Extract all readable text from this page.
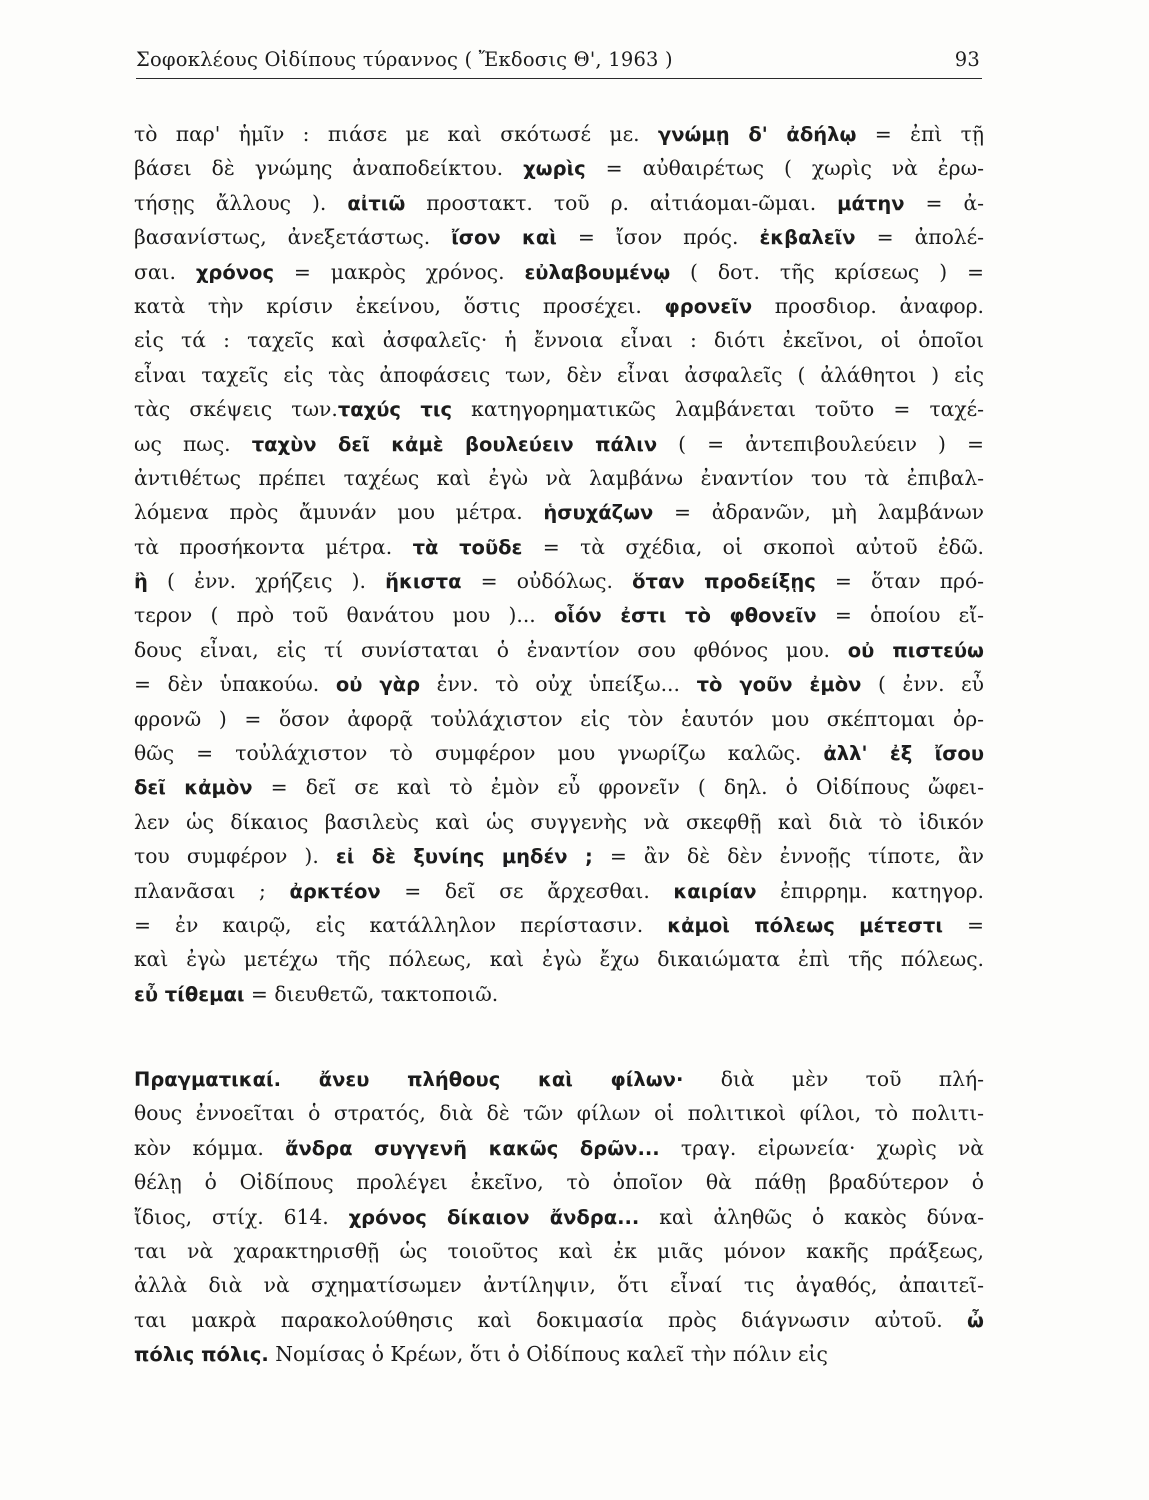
Σοφοκλέους Οἰδίπους τύραννος ( Ἔκδοσις Θ', 1963 )	93
τὸ παρ' ἡμῖν : πιάσε με καὶ σκότωσέ με. γνώμῃ δ' ἀδήλῳ = ἐπὶ τῇ
βάσει δὲ γνώμης ἀναποδείκτου. χωρὶς = αὐθαιρέτως ( χωρὶς νὰ ἐρω-
τήσῃς ἄλλους ). αἰτιῶ προστακτ. τοῦ ρ. αἰτιάομαι-ῶμαι. μάτην = ἀ-
βασανίστως, ἀνεξετάστως. ἴσον καὶ = ἴσον πρός. ἐκβαλεῖν = ἀπολέ-
σαι. χρόνος = μακρὸς χρόνος. εὐλαβουμένῳ ( δοτ. τῆς κρίσεως ) =
κατὰ τὴν κρίσιν ἐκείνου, ὅστις προσέχει. φρονεῖν προσδιορ. ἀναφορ.
εἰς τά : ταχεῖς καὶ ἀσφαλεῖς· ἡ ἔννοια εἶναι : διότι ἐκεῖνοι, οἱ ὁποῖοι
εἶναι ταχεῖς εἰς τὰς ἀποφάσεις των, δὲν εἶναι ἀσφαλεῖς ( ἀλάθητοι ) εἰς
τὰς σκέψεις των.ταχύς τις κατηγορηματικῶς λαμβάνεται τοῦτο = ταχέ-
ως πως. ταχὺν δεῖ κἀμὲ βουλεύειν πάλιν ( = ἀντεπιβουλεύειν ) =
ἀντιθέτως πρέπει ταχέως καὶ ἐγὼ νὰ λαμβάνω ἐναντίον του τὰ ἐπιβαλ-
λόμενα πρὸς ἄμυνάν μου μέτρα. ἡσυχάζων = ἀδρανῶν, μὴ λαμβάνων
τὰ προσήκοντα μέτρα. τὰ τοῦδε = τὰ σχέδια, οἱ σκοποὶ αὐτοῦ ἐδῶ.
ἢ ( ἐνν. χρήζεις ). ἥκιστα = οὐδόλως. ὅταν προδείξῃς = ὅταν πρό-
τερον ( πρὸ τοῦ θανάτου μου )... οἷόν ἐστι τὸ φθονεῖν = ὁποίου εἴ-
δους εἶναι, εἰς τί συνίσταται ὁ ἐναντίον σου φθόνος μου. οὐ πιστεύω
= δὲν ὑπακούω. οὐ γὰρ ἐνν. τὸ οὐχ ὑπείξω... τὸ γοῦν ἐμὸν ( ἐνν. εὖ
φρονῶ ) = ὅσον ἀφορᾷ τοὐλάχιστον εἰς τὸν ἑαυτόν μου σκέπτομαι ὀρ-
θῶς = τοὐλάχιστον τὸ συμφέρον μου γνωρίζω καλῶς. ἀλλ' ἐξ ἴσου
δεῖ κἀμὸν = δεῖ σε καὶ τὸ ἐμὸν εὖ φρονεῖν ( δηλ. ὁ Οἰδίπους ὤφει-
λεν ὡς δίκαιος βασιλεὺς καὶ ὡς συγγενὴς νὰ σκεφθῇ καὶ διὰ τὸ ἰδικόν
του συμφέρον ). εἰ δὲ ξυνίης μηδέν ; = ἂν δὲ δὲν ἐννοῇς τίποτε, ἂν
πλανᾶσαι ; ἀρκτέον = δεῖ σε ἄρχεσθαι. καιρίαν ἐπιρρημ. κατηγορ.
= ἐν καιρῷ, εἰς κατάλληλον περίστασιν. κἀμοὶ πόλεως μέτεστι =
καὶ ἐγὼ μετέχω τῆς πόλεως, καὶ ἐγὼ ἔχω δικαιώματα ἐπὶ τῆς πόλεως.
εὖ τίθεμαι = διευθετῶ, τακτοποιῶ.
Πραγματικαί. ἄνευ πλήθους καὶ φίλων· διὰ μὲν τοῦ πλή-
θους ἐννοεῖται ὁ στρατός, διὰ δὲ τῶν φίλων οἱ πολιτικοὶ φίλοι, τὸ πολιτι-
κὸν κόμμα. ἄνδρα συγγενῆ κακῶς δρῶν... τραγ. εἰρωνεία· χωρὶς νὰ
θέλῃ ὁ Οἰδίπους προλέγει ἐκεῖνο, τὸ ὁποῖον θὰ πάθῃ βραδύτερον ὁ
ἴδιος, στίχ. 614. χρόνος δίκαιον ἄνδρα... καὶ ἀληθῶς ὁ κακὸς δύνα-
ται νὰ χαρακτηρισθῇ ὡς τοιοῦτος καὶ ἐκ μιᾶς μόνον κακῆς πράξεως,
ἀλλὰ διὰ νὰ σχηματίσωμεν ἀντίληψιν, ὅτι εἶναί τις ἀγαθός, ἀπαιτεῖ-
ται μακρὰ παρακολούθησις καὶ δοκιμασία πρὸς διάγνωσιν αὐτοῦ. ὦ
πόλις πόλις. Νομίσας ὁ Κρέων, ὅτι ὁ Οἰδίπους καλεῖ τὴν πόλιν εἰς
